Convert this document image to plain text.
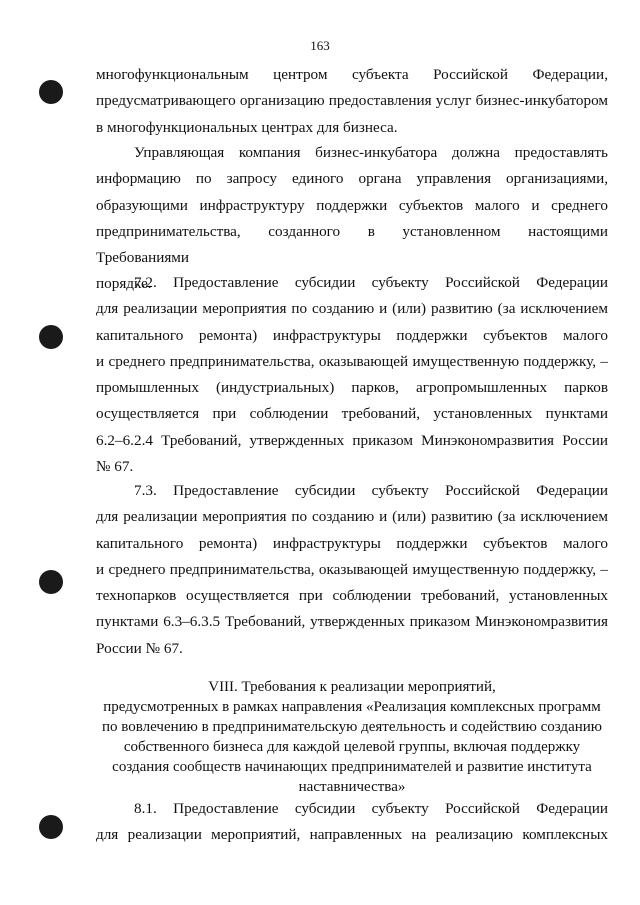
163

многофункциональным центром субъекта Российской Федерации,
предусматривающего организацию предоставления услуг бизнес-инкубатором
в многофункциональных центрах для бизнеса.

Управляющая компания бизнес-инкубатора должна предоставлять
информацию по запросу единого органа управления организациями,
образующими инфраструктуру поддержки субъектов малого и среднего
предпринимательства, созданного в установленном настоящими Требованиями
порядке.

7.2. Предоставление субсидии субъекту Российской Федерации
для реализации мероприятия по созданию и (или) развитию (за исключением
капитального ремонта) инфраструктуры поддержки субъектов малого
и среднего предпринимательства, оказывающей имущественную поддержку, –
промышленных (индустриальных) парков, агропромышленных парков
осуществляется при соблюдении требований, установленных пунктами
6.2–6.2.4 Требований, утвержденных приказом Минэкономразвития России
№ 67.

7.3. Предоставление субсидии субъекту Российской Федерации
для реализации мероприятия по созданию и (или) развитию (за исключением
капитального ремонта) инфраструктуры поддержки субъектов малого
и среднего предпринимательства, оказывающей имущественную поддержку, –
технопарков осуществляется при соблюдении требований, установленных
пунктами 6.3–6.3.5 Требований, утвержденных приказом Минэкономразвития
России № 67.

VIII. Требования к реализации мероприятий,
предусмотренных в рамках направления «Реализация комплексных программ
по вовлечению в предпринимательскую деятельность и содействию созданию
собственного бизнеса для каждой целевой группы, включая поддержку
создания сообществ начинающих предпринимателей и развитие института
наставничества»

8.1. Предоставление субсидии субъекту Российской Федерации
для реализации мероприятий, направленных на реализацию комплексных
